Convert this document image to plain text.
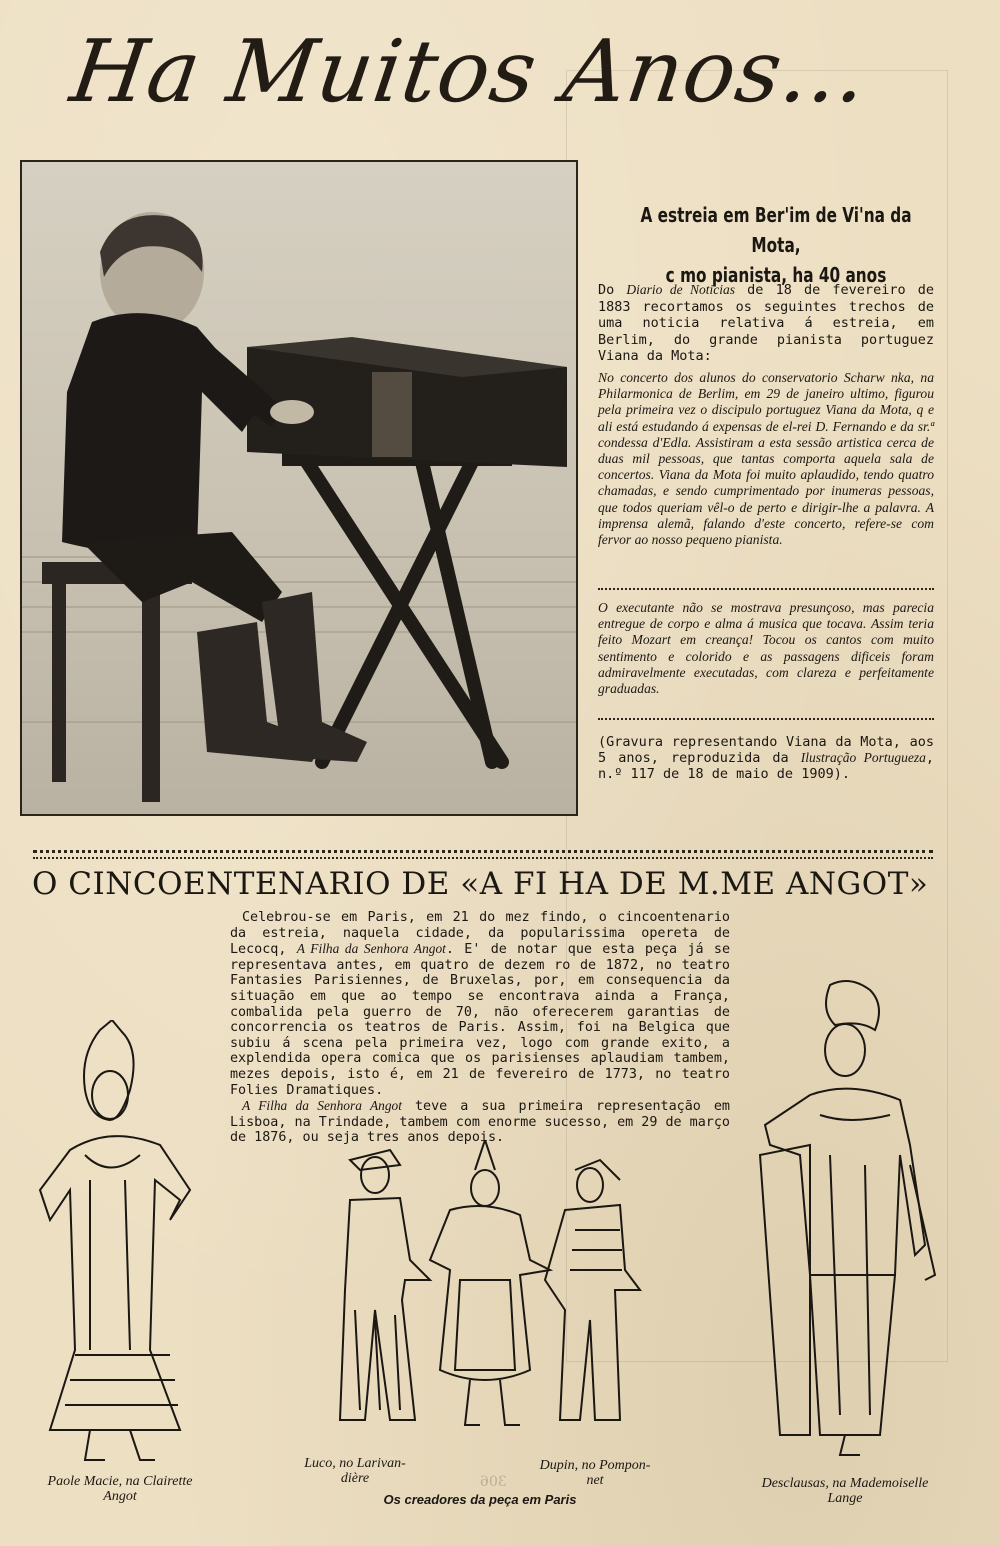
Ha Muitos Anos...
A estreia em Ber'im de Vi'na da Mota,
c mo pianista, ha 40 anos
Do Diario de Noticias de 18 de fevereiro de 1883 recortamos os seguintes trechos de uma noticia relativa á estreia, em Berlim, do grande pianista portuguez Viana da Mota:
No concerto dos alunos do conservatorio Scharw nka, na Philarmonica de Berlim, em 29 de janeiro ultimo, figurou pela primeira vez o discipulo portuguez Viana da Mota, q e ali está estudando á expensas de el-rei D. Fernando e da sr.ª condessa d'Edla. Assistiram a esta sessão artistica cerca de duas mil pessoas, que tantas comporta aquela sala de concertos. Viana da Mota foi muito aplaudido, tendo quatro chamadas, e sendo cumprimentado por inumeras pessoas, que todos queriam vêl-o de perto e dirigir-lhe a palavra. A imprensa alemã, falando d'este concerto, refere-se com fervor ao nosso pequeno pianista.
O executante não se mostrava presunçoso, mas parecia entregue de corpo e alma á musica que tocava. Assim teria feito Mozart em creança! Tocou os cantos com muito sentimento e colorido e as passagens dificeis foram admiravelmente executadas, com clareza e perfeitamente graduadas.
(Gravura representando Viana da Mota, aos 5 anos, reproduzida da Ilustração Portugueza, n.º 117 de 18 de maio de 1909).
O CINCOENTENARIO DE «A FI HA DE M.ME ANGOT»

Celebrou-se em Paris, em 21 do mez findo, o cincoentenario da estreia, naquela cidade, da popularissima opereta de Lecocq, A Filha da Senhora Angot. E' de notar que esta peça já se representava antes, em quatro de dezem ro de 1872, no teatro Fantasies Parisiennes, de Bruxelas, por, em consequencia da situação em que ao tempo se encontrava ainda a França, combalida pela guerro de 70, não oferecerem garantias de concorrencia os teatros de Paris. Assim, foi na Belgica que subiu á scena pela primeira vez, logo com grande exito, a explendida opera comica que os parisienses aplaudiam tambem, mezes depois, isto é, em 21 de fevereiro de 1773, no teatro Folies Dramatiques.

A Filha da Senhora Angot teve a sua primeira representação em Lisboa, na Trindade, tambem com enorme sucesso, em 29 de março de 1876, ou seja tres anos depois.

Paole Macie, na Clairette
Angot
Luco, no Larivan-
dière
Dupin, no Pompon-
net	Desclausas, na Mademoiselle
Lange
306
Os creadores da peça em Paris
